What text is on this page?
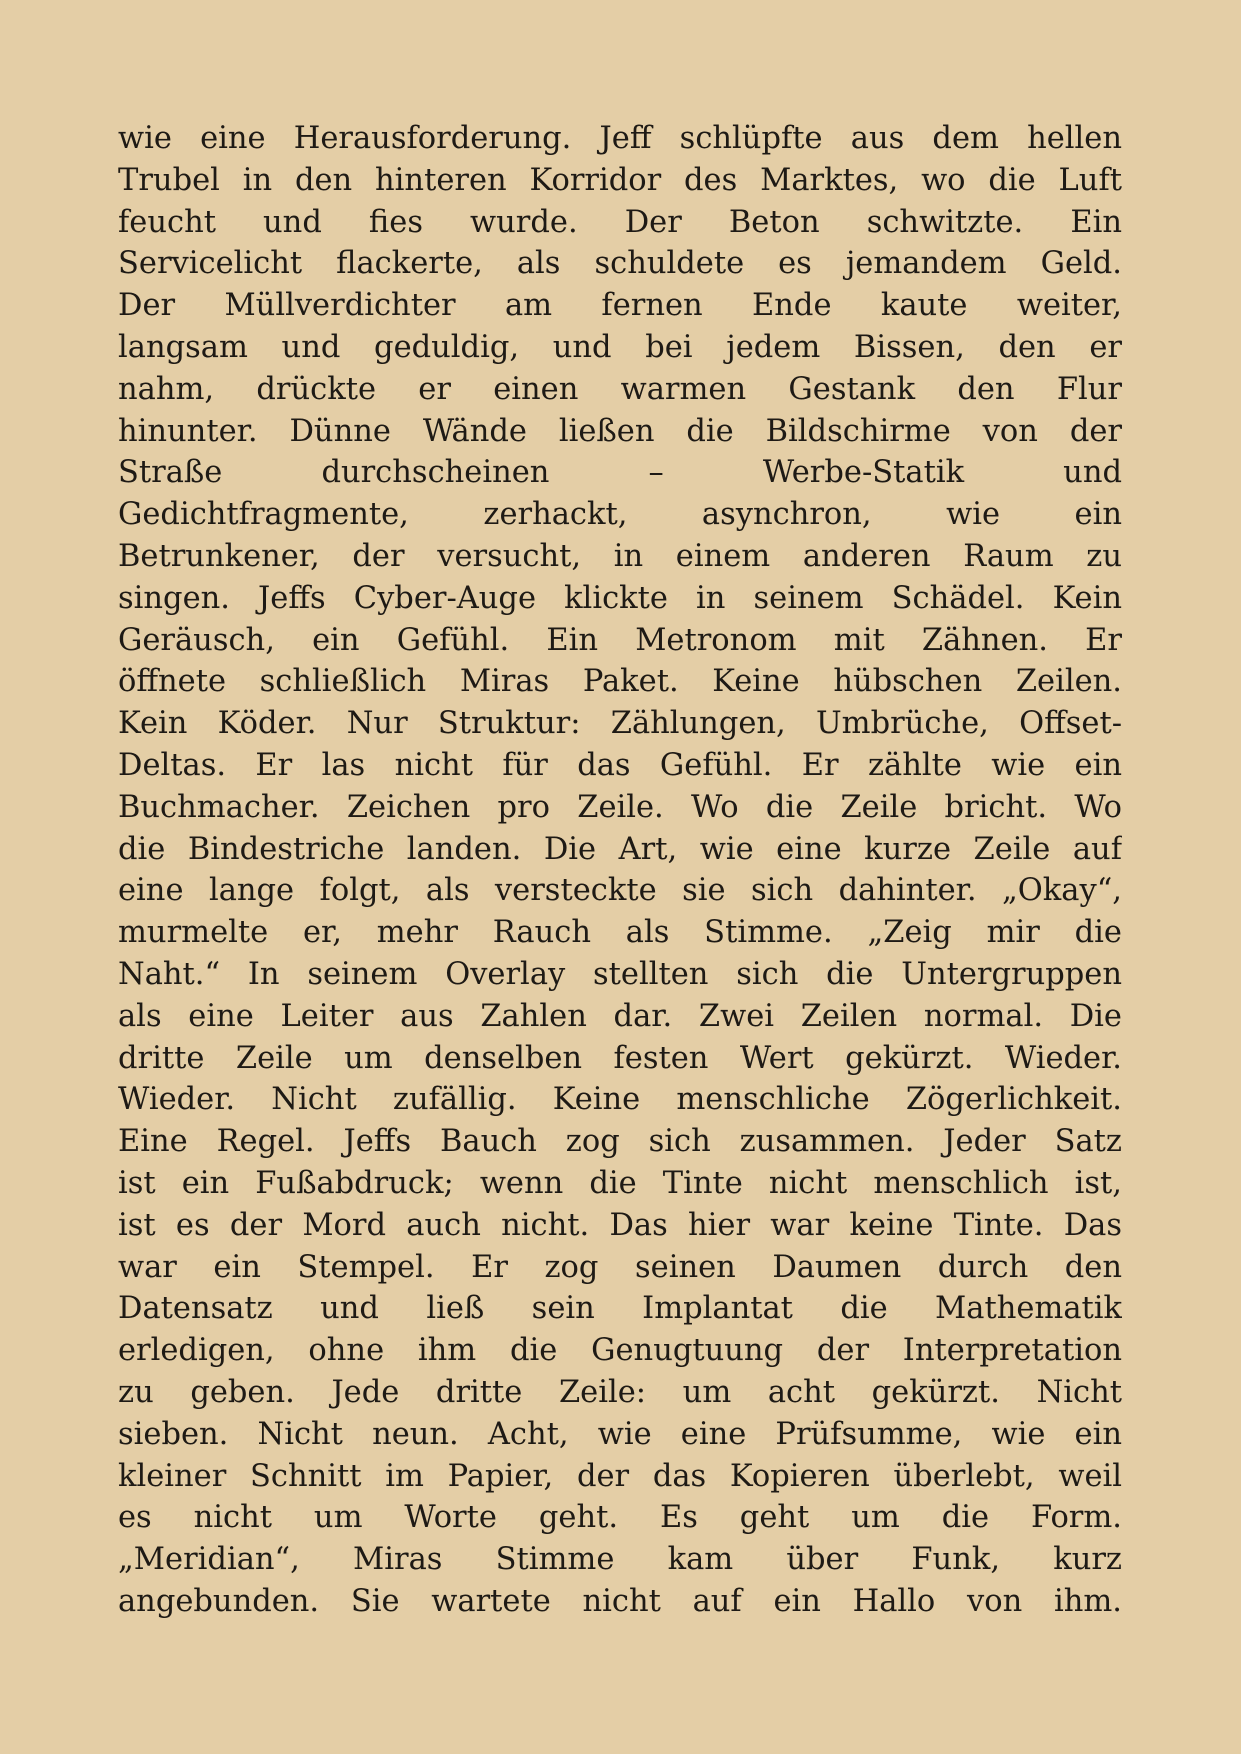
wie eine Herausforderung. Jeff schlüpfte aus dem hellen
Trubel in den hinteren Korridor des Marktes, wo die Luft
feucht und fies wurde. Der Beton schwitzte. Ein
Servicelicht flackerte, als schuldete es jemandem Geld.
Der Müllverdichter am fernen Ende kaute weiter,
langsam und geduldig, und bei jedem Bissen, den er
nahm, drückte er einen warmen Gestank den Flur
hinunter. Dünne Wände ließen die Bildschirme von der
Straße durchscheinen – Werbe-Statik und
Gedichtfragmente, zerhackt, asynchron, wie ein
Betrunkener, der versucht, in einem anderen Raum zu
singen. Jeffs Cyber-Auge klickte in seinem Schädel. Kein
Geräusch, ein Gefühl. Ein Metronom mit Zähnen. Er
öffnete schließlich Miras Paket. Keine hübschen Zeilen.
Kein Köder. Nur Struktur: Zählungen, Umbrüche, Offset-
Deltas. Er las nicht für das Gefühl. Er zählte wie ein
Buchmacher. Zeichen pro Zeile. Wo die Zeile bricht. Wo
die Bindestriche landen. Die Art, wie eine kurze Zeile auf
eine lange folgt, als versteckte sie sich dahinter. „Okay“,
murmelte er, mehr Rauch als Stimme. „Zeig mir die
Naht.“ In seinem Overlay stellten sich die Untergruppen
als eine Leiter aus Zahlen dar. Zwei Zeilen normal. Die
dritte Zeile um denselben festen Wert gekürzt. Wieder.
Wieder. Nicht zufällig. Keine menschliche Zögerlichkeit.
Eine Regel. Jeffs Bauch zog sich zusammen. Jeder Satz
ist ein Fußabdruck; wenn die Tinte nicht menschlich ist,
ist es der Mord auch nicht. Das hier war keine Tinte. Das
war ein Stempel. Er zog seinen Daumen durch den
Datensatz und ließ sein Implantat die Mathematik
erledigen, ohne ihm die Genugtuung der Interpretation
zu geben. Jede dritte Zeile: um acht gekürzt. Nicht
sieben. Nicht neun. Acht, wie eine Prüfsumme, wie ein
kleiner Schnitt im Papier, der das Kopieren überlebt, weil
es nicht um Worte geht. Es geht um die Form.
„Meridian“, Miras Stimme kam über Funk, kurz
angebunden. Sie wartete nicht auf ein Hallo von ihm.
